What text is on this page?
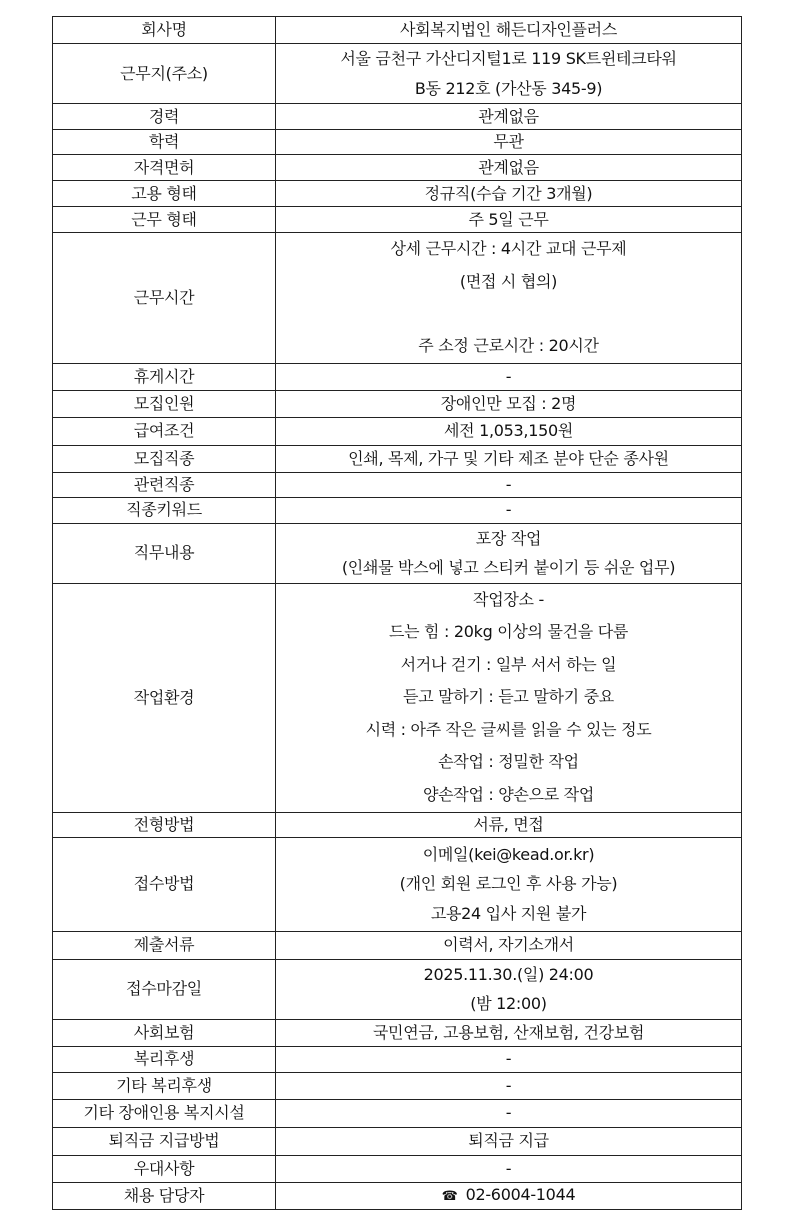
회사명	사회복지법인 해든디자인플러스
근무지(주소)	서울 금천구 가산디지털1로 119 SK트윈테크타워
B동 212호 (가산동 345-9)

경력	관계없음
학력	무관
자격면허	관계없음
고용 형태	정규직(수습 기간 3개월)
근무 형태	주 5일 근무
근무시간	상세 근무시간 : 4시간 교대 근무제
(면접 시 협의)
주 소정 근로시간 : 20시간

휴게시간	-
모집인원	장애인만 모집 : 2명
급여조건	세전 1,053,150원
모집직종	인쇄, 목제, 가구 및 기타 제조 분야 단순 종사원
관련직종	-
직종키워드	-
직무내용	포장 작업
(인쇄물 박스에 넣고 스티커 붙이기 등 쉬운 업무)

작업환경	
작업장소 -
드는 힘 : 20kg 이상의 물건을 다룸
서거나 걷기 : 일부 서서 하는 일
듣고 말하기 : 듣고 말하기 중요
시력 : 아주 작은 글씨를 읽을 수 있는 정도
손작업 : 정밀한 작업
양손작업 : 양손으로 작업

전형방법	서류, 면접
접수방법	이메일(kei@kead.or.kr)
(개인 회원 로그인 후 사용 가능)
고용24 입사 지원 불가

제출서류	이력서, 자기소개서
접수마감일	2025.11.30.(일) 24:00
(밤 12:00)

사회보험	국민연금, 고용보험, 산재보험, 건강보험
복리후생	-
기타 복리후생	-
기타 장애인용 복지시설	-
퇴직금 지급방법	퇴직금 지급
우대사항	-
채용 담당자	☎ 02-6004-1044
